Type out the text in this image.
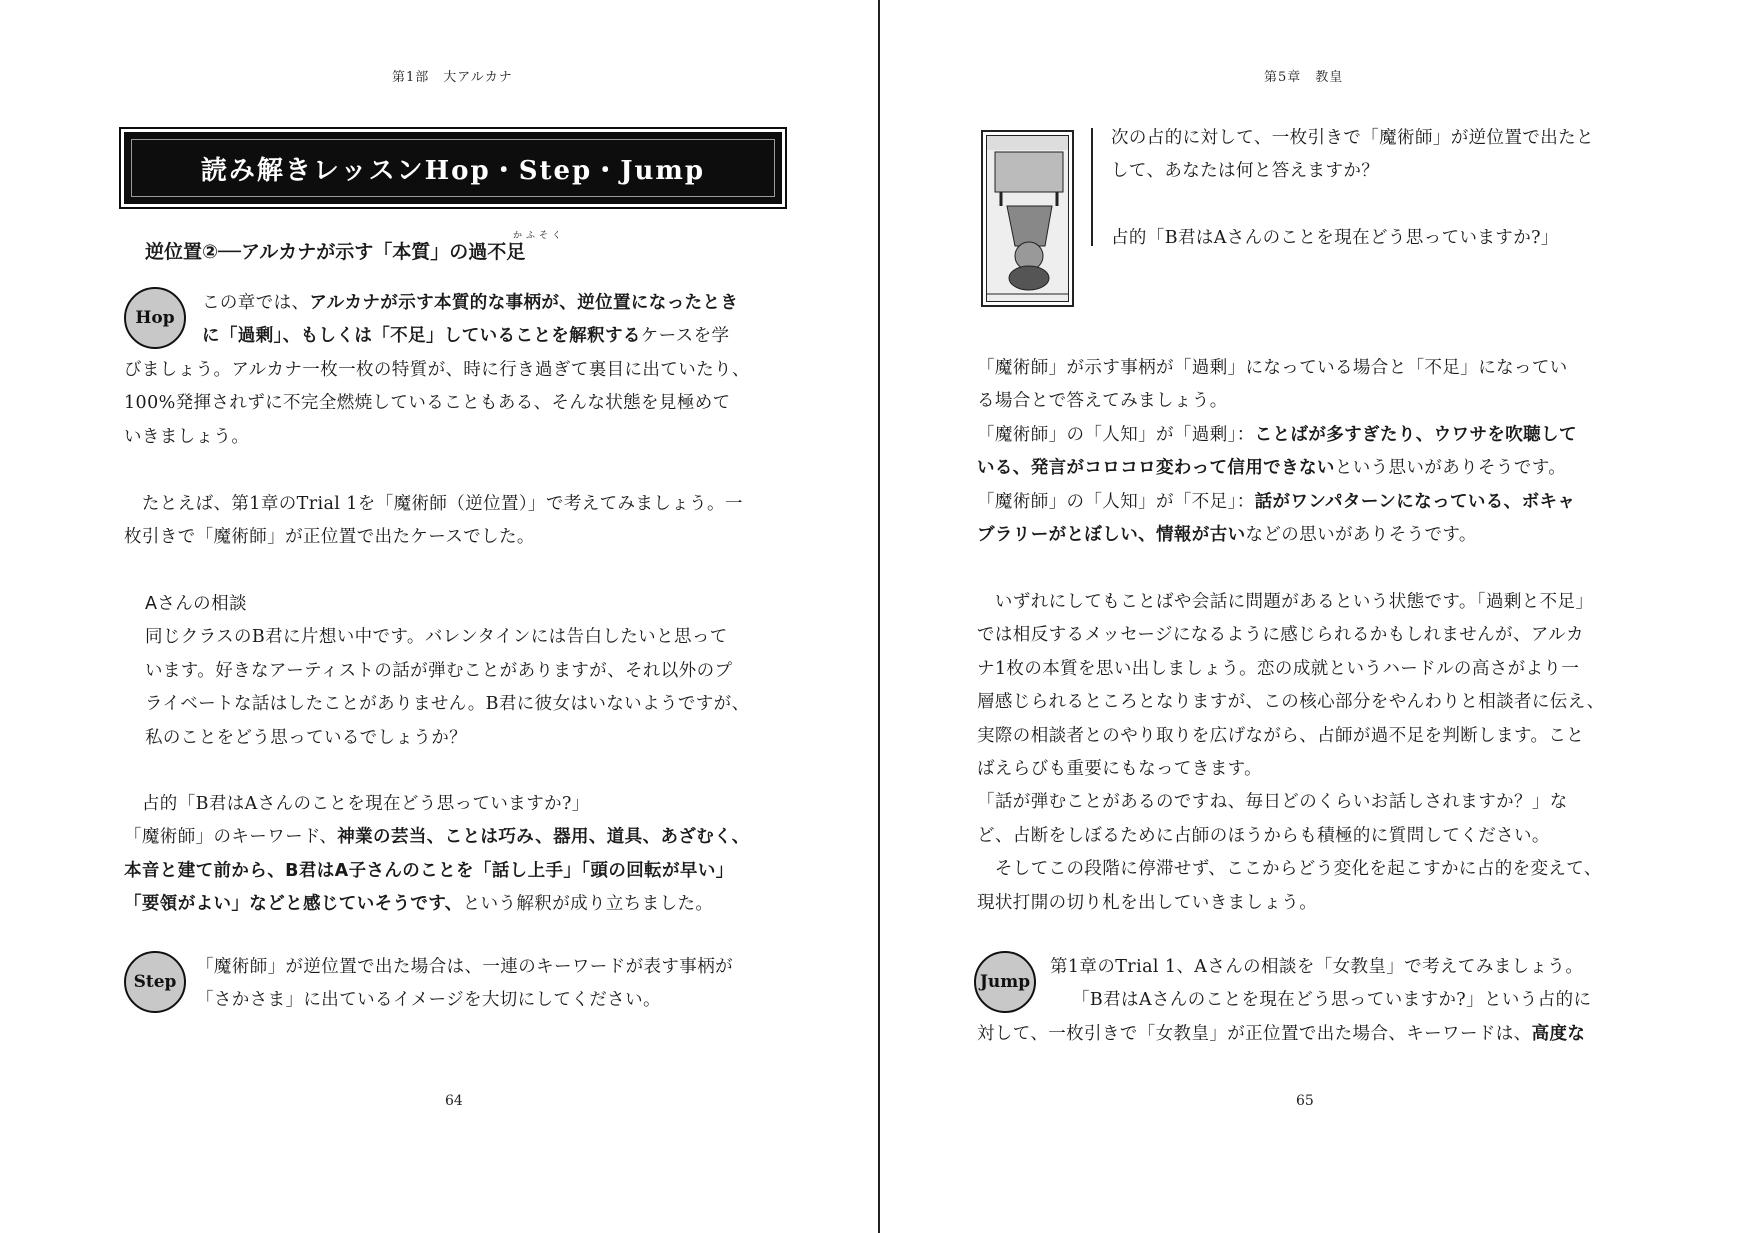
第1部　大アルカナ
読み解きレッスンHop・Step・Jump
かふそく
逆位置②──アルカナが示す「本質」の過不足
Hop

この章では、アルカナが示す本質的な事柄が、逆位置になったとき

に「過剰」、もしくは「不足」していることを解釈するケースを学

びましょう。アルカナ一枚一枚の特質が、時に行き過ぎて裏目に出ていたり、

100%発揮されずに不完全燃焼していることもある、そんな状態を見極めて

いきましょう。

　たとえば、第1章のTrial 1を「魔術師（逆位置）」で考えてみましょう。一

枚引きで「魔術師」が正位置で出たケースでした。

Aさんの相談

同じクラスのB君に片想い中です。バレンタインには告白したいと思って

います。好きなアーティストの話が弾むことがありますが、それ以外のプ

ライベートな話はしたことがありません。B君に彼女はいないようですが、

私のことをどう思っているでしょうか？

　占的「B君はAさんのことを現在どう思っていますか?」

「魔術師」のキーワード、神業の芸当、ことは巧み、器用、道具、あざむく、

本音と建て前から、B君はA子さんのことを「話し上手」「頭の回転が早い」

「要領がよい」などと感じていそうです、という解釈が成り立ちました。

Step

「魔術師」が逆位置で出た場合は、一連のキーワードが表す事柄が

「さかさま」に出ているイメージを大切にしてください。

64
第5章　教皇
65

次の占的に対して、一枚引きで「魔術師」が逆位置で出たと

して、あなたは何と答えますか？

占的「B君はAさんのことを現在どう思っていますか?」

「魔術師」が示す事柄が「過剰」になっている場合と「不足」になってい

る場合とで答えてみましょう。

「魔術師」の「人知」が「過剰」：ことばが多すぎたり、ウワサを吹聴して

いる、発言がコロコロ変わって信用できないという思いがありそうです。

「魔術師」の「人知」が「不足」：話がワンパターンになっている、ボキャ

ブラリーがとぼしい、情報が古いなどの思いがありそうです。

　いずれにしてもことばや会話に問題があるという状態です。「過剰と不足」

では相反するメッセージになるように感じられるかもしれませんが、アルカ

ナ1枚の本質を思い出しましょう。恋の成就というハードルの高さがより一

層感じられるところとなりますが、この核心部分をやんわりと相談者に伝え、

実際の相談者とのやり取りを広げながら、占師が過不足を判断します。こと

ばえらびも重要にもなってきます。

「話が弾むことがあるのですね、毎日どのくらいお話しされますか？」な

ど、占断をしぼるために占師のほうからも積極的に質問してください。

　そしてこの段階に停滞せず、ここからどう変化を起こすかに占的を変えて、

現状打開の切り札を出していきましょう。

Jump

第1章のTrial 1、Aさんの相談を「女教皇」で考えてみましょう。

「B君はAさんのことを現在どう思っていますか?」という占的に

対して、一枚引きで「女教皇」が正位置で出た場合、キーワードは、高度な
